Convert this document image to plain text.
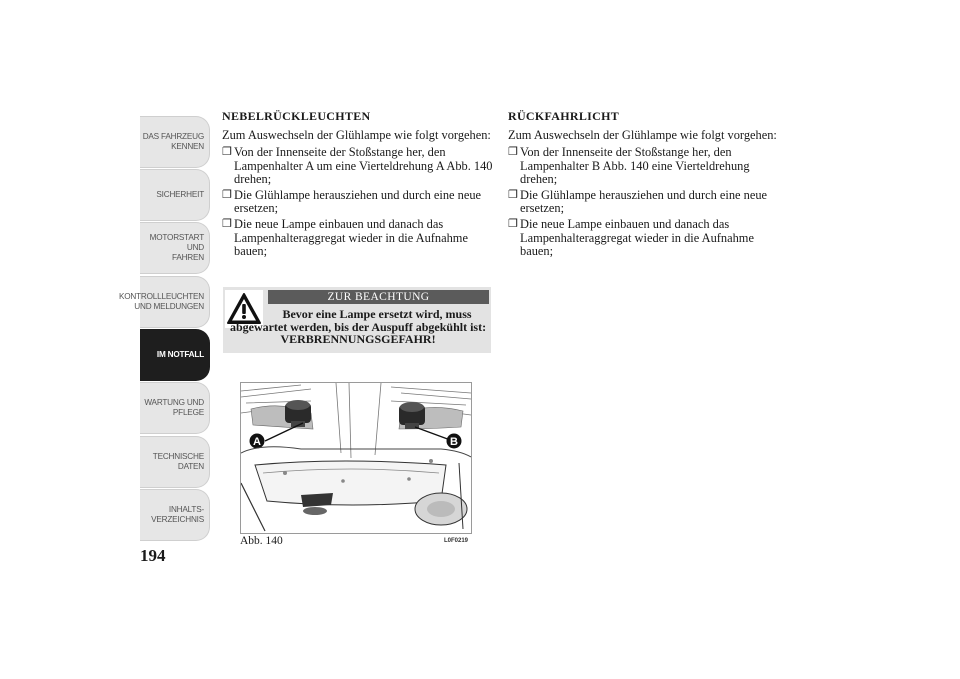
DAS FAHRZEUG
KENNEN
SICHERHEIT
MOTORSTART UND
FAHREN
KONTROLLLEUCHTEN
UND MELDUNGEN
IM NOTFALL
WARTUNG UND
PFLEGE
TECHNISCHE
DATEN
INHALTS-
VERZEICHNIS
194
NEBELRÜCKLEUCHTEN
Zum Auswechseln der Glühlampe wie folgt vorgehen:
❐ Von der Innenseite der Stoßstange her, den Lampenhalter A um eine Vierteldrehung A Abb. 140 drehen;
❐ Die Glühlampe herausziehen und durch eine neue ersetzen;
❐ Die neue Lampe einbauen und danach das Lampenhalteraggregat wieder in die Aufnahme bauen;
ZUR BEACHTUNG
Bevor eine Lampe ersetzt wird, muss abgewartet werden, bis der Auspuff abgekühlt ist: VERBRENNUNGSGEFAHR!
A	B
Abb. 140	L0F0219
RÜCKFAHRLICHT
Zum Auswechseln der Glühlampe wie folgt vorgehen:
❐ Von der Innenseite der Stoßstange her, den Lampenhalter B Abb. 140 eine Vierteldrehung drehen;
❐ Die Glühlampe herausziehen und durch eine neue ersetzen;
❐ Die neue Lampe einbauen und danach das Lampenhalteraggregat wieder in die Aufnahme bauen;
